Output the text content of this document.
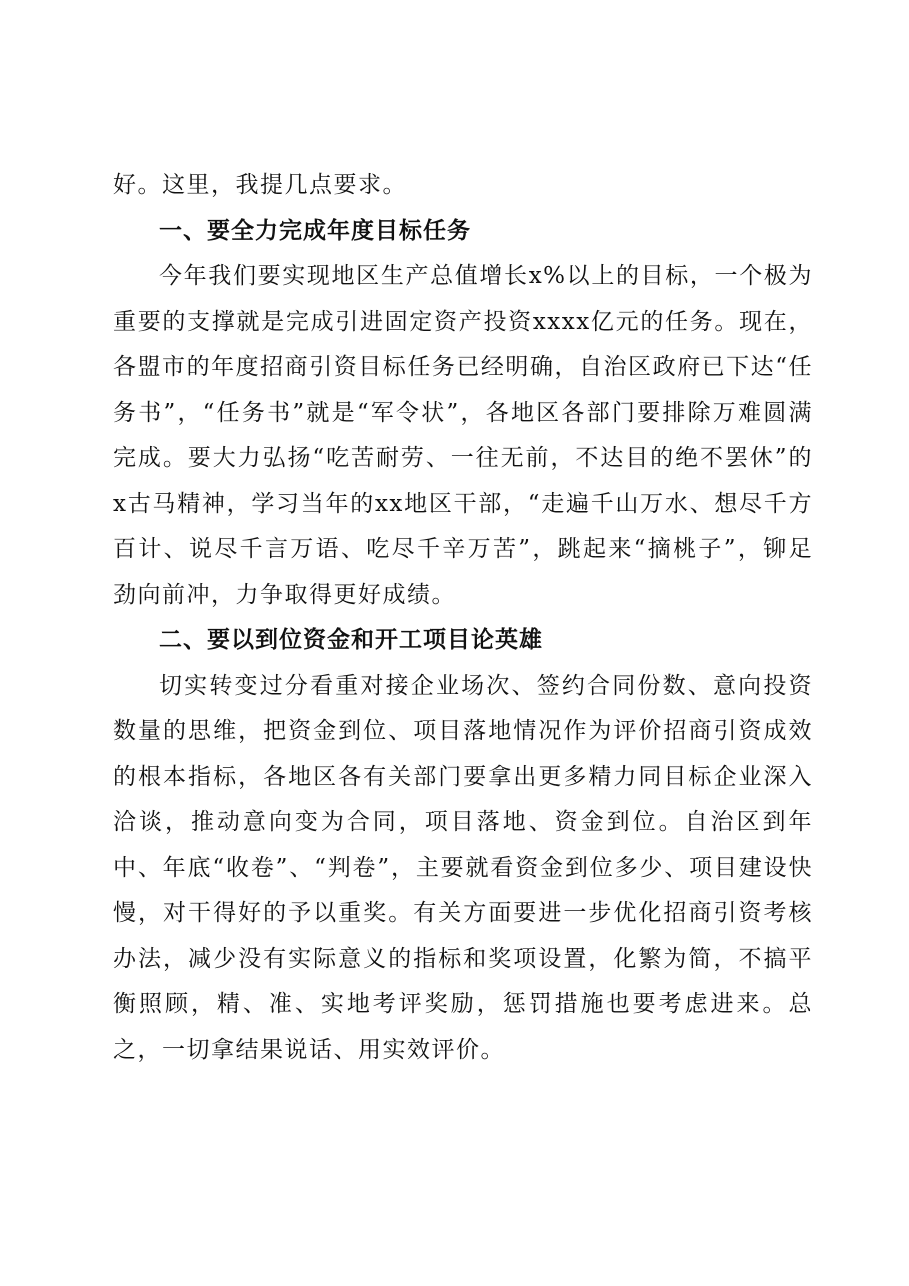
好。这里，我提几点要求。

一、要全力完成年度目标任务

今年我们要实现地区生产总值增长x%以上的目标，一个极为重要的支撑就是完成引进固定资产投资xxxx亿元的任务。现在，各盟市的年度招商引资目标任务已经明确，自治区政府已下达“任务书”，“任务书”就是“军令状”，各地区各部门要排除万难圆满完成。要大力弘扬“吃苦耐劳、一往无前，不达目的绝不罢休”的x古马精神，学习当年的xx地区干部，“走遍千山万水、想尽千方百计、说尽千言万语、吃尽千辛万苦”，跳起来“摘桃子”，铆足劲向前冲，力争取得更好成绩。

二、要以到位资金和开工项目论英雄

切实转变过分看重对接企业场次、签约合同份数、意向投资数量的思维，把资金到位、项目落地情况作为评价招商引资成效的根本指标，各地区各有关部门要拿出更多精力同目标企业深入洽谈，推动意向变为合同，项目落地、资金到位。自治区到年中、年底“收卷”、“判卷”，主要就看资金到位多少、项目建设快慢，对干得好的予以重奖。有关方面要进一步优化招商引资考核办法，减少没有实际意义的指标和奖项设置，化繁为简，不搞平衡照顾，精、准、实地考评奖励，惩罚措施也要考虑进来。总之，一切拿结果说话、用实效评价。
